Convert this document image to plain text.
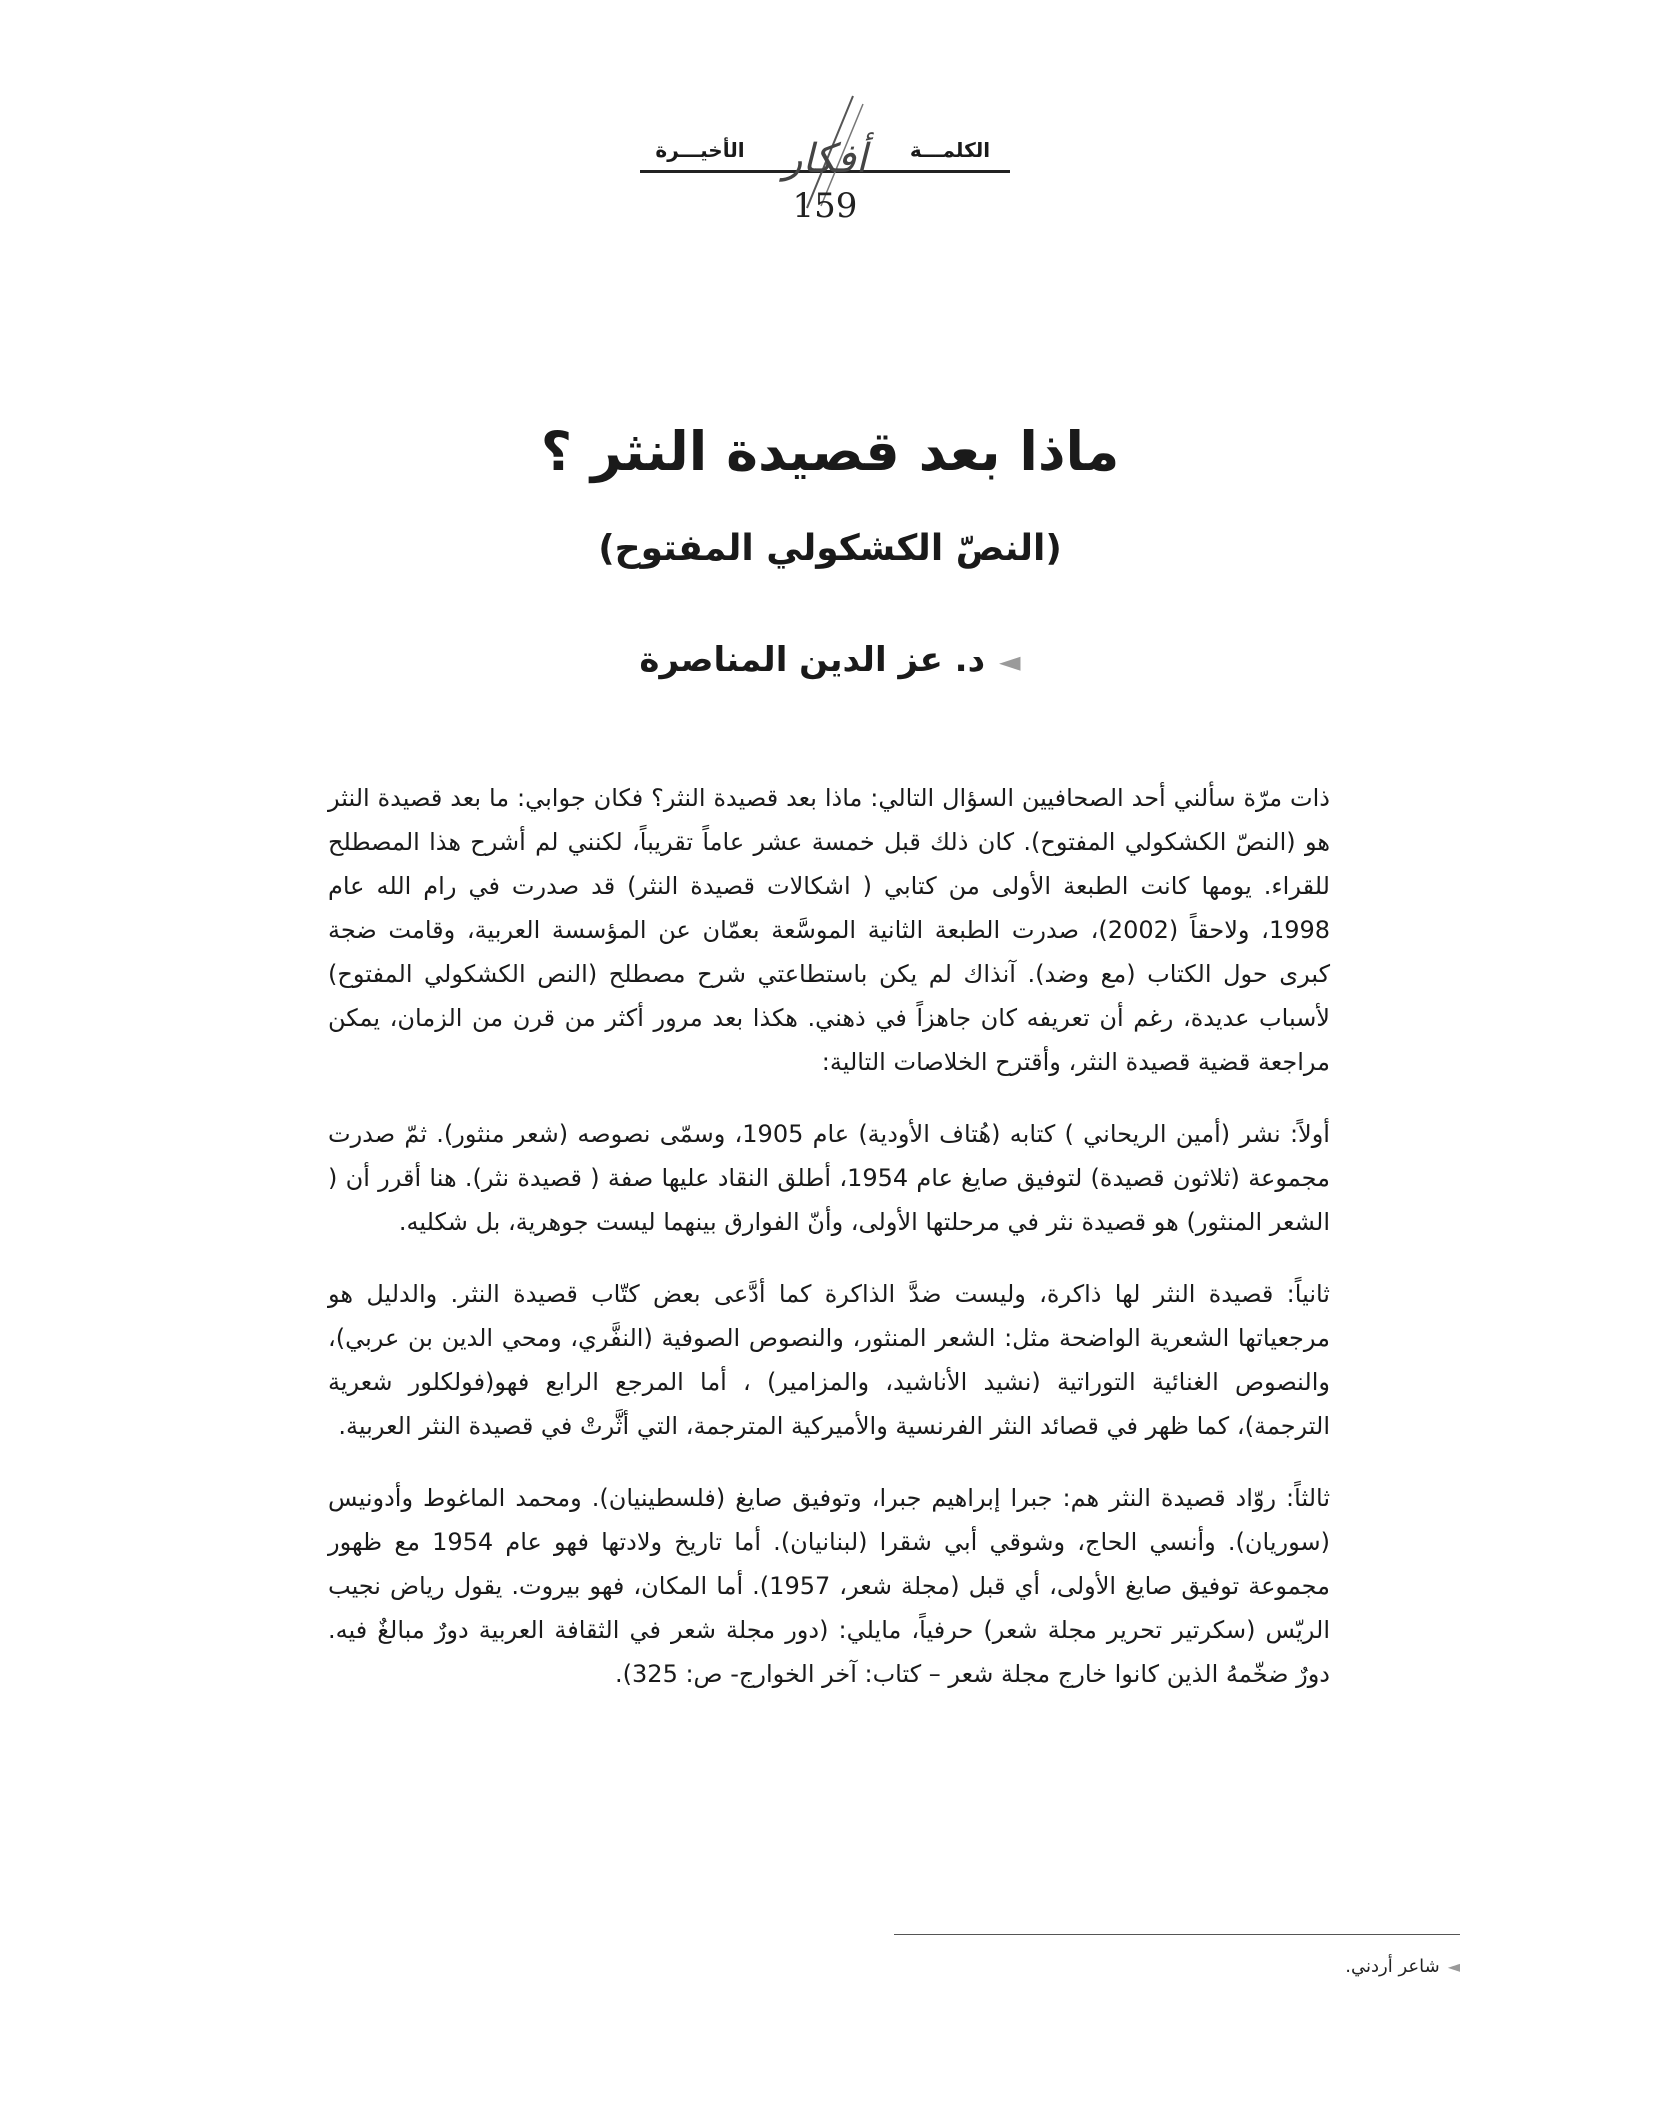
الكلمـــة
الأخيـــرة أفكار
159
ماذا بعد قصيدة النثر ؟
(النصّ الكشكولي المفتوح)
◄د. عز الدين المناصرة

ذات مرّة سألني أحد الصحافيين السؤال التالي: ماذا بعد قصيدة النثر؟ فكان جوابي: ما بعد قصيدة النثر هو (النصّ الكشكولي المفتوح). كان ذلك قبل خمسة عشر عاماً تقريباً، لكنني لم أشرح هذا المصطلح للقراء. يومها كانت الطبعة الأولى من كتابي ( اشكالات قصيدة النثر) قد صدرت في رام الله عام 1998، ولاحقاً (2002)، صدرت الطبعة الثانية الموسَّعة بعمّان عن المؤسسة العربية، وقامت ضجة كبرى حول الكتاب (مع وضد). آنذاك لم يكن باستطاعتي شرح مصطلح (النص الكشكولي المفتوح) لأسباب عديدة، رغم أن تعريفه كان جاهزاً في ذهني. هكذا بعد مرور أكثر من قرن من الزمان، يمكن مراجعة قضية قصيدة النثر، وأقترح الخلاصات التالية:

أولاً: نشر (أمين الريحاني ) كتابه (هُتاف الأودية) عام 1905، وسمّى نصوصه (شعر منثور). ثمّ صدرت مجموعة (ثلاثون قصيدة) لتوفيق صايغ عام 1954، أطلق النقاد عليها صفة ( قصيدة نثر). هنا أقرر أن ( الشعر المنثور) هو قصيدة نثر في مرحلتها الأولى، وأنّ الفوارق بينهما ليست جوهرية، بل شكليه.

ثانياً: قصيدة النثر لها ذاكرة، وليست ضدَّ الذاكرة كما أدَّعى بعض كتّاب قصيدة النثر. والدليل هو مرجعياتها الشعرية الواضحة مثل: الشعر المنثور، والنصوص الصوفية (النفَّري، ومحي الدين بن عربي)، والنصوص الغنائية التوراتية (نشيد الأناشيد، والمزامير) ، أما المرجع الرابع فهو(فولكلور شعرية الترجمة)، كما ظهر في قصائد النثر الفرنسية والأميركية المترجمة، التي أثَّرتْ في قصيدة النثر العربية.

ثالثاً: روّاد قصيدة النثر هم: جبرا إبراهيم جبرا، وتوفيق صايغ (فلسطينيان). ومحمد الماغوط وأدونيس (سوريان). وأنسي الحاج، وشوقي أبي شقرا (لبنانيان). أما تاريخ ولادتها فهو عام 1954 مع ظهور مجموعة توفيق صايغ الأولى، أي قبل (مجلة شعر، 1957). أما المكان، فهو بيروت. يقول رياض نجيب الريّس (سكرتير تحرير مجلة شعر) حرفياً، مايلي: (دور مجلة شعر في الثقافة العربية دورٌ مبالغٌ فيه. دورٌ ضخّمهُ الذين كانوا خارج مجلة شعر – كتاب: آخر الخوارج- ص: 325).

◄شاعر أردني.
